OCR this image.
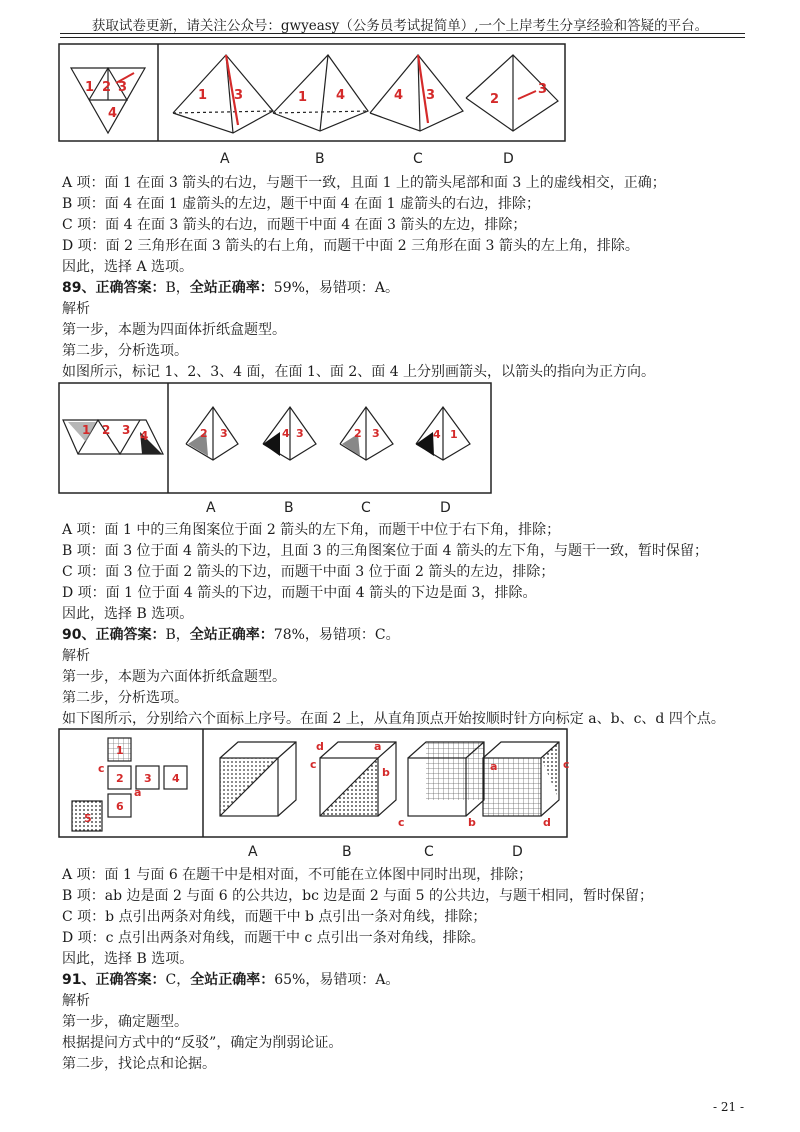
获取试卷更新，请关注公众号：gwyeasy（公务员考试捉简单）,一个上岸考生分享经验和答疑的平台。
1 2 3
4
1 3	1 4	4 3	2
3
A	B	C	D
A 项：面 1 在面 3 箭头的右边，与题干一致，且面 1 上的箭头尾部和面 3 上的虚线相交，正确；
B 项：面 4 在面 1 虚箭头的左边，题干中面 4 在面 1 虚箭头的右边，排除；
C 项：面 4 在面 3 箭头的右边，而题干中面 4 在面 3 箭头的左边，排除；
D 项：面 2 三角形在面 3 箭头的右上角，而题干中面 2 三角形在面 3 箭头的左上角，排除。
因此，选择 A 选项。
89、正确答案：B，全站正确率：59%，易错项：A。
解析
第一步，本题为四面体折纸盒题型。
第二步，分析选项。
如图所示，标记 1、2、3、4 面，在面 1、面 2、面 4 上分别画箭头，以箭头的指向为正方向。
1 2 3 4	2 3	4 3	2 3	4 1
A	B	C	D
A 项：面 1 中的三角图案位于面 2 箭头的左下角，而题干中位于右下角，排除；
B 项：面 3 位于面 4 箭头的下边，且面 3 的三角图案位于面 4 箭头的左下角，与题干一致，暂时保留；
C 项：面 3 位于面 2 箭头的下边，而题干中面 3 位于面 2 箭头的左边，排除；
D 项：面 1 位于面 4 箭头的下边，而题干中面 4 箭头的下边是面 3，排除。
因此，选择 B 选项。
90、正确答案：B，全站正确率：78%，易错项：C。
解析
第一步，本题为六面体折纸盒题型。
第二步，分析选项。
如下图所示，分别给六个面标上序号。在面 2 上，从直角顶点开始按顺时针方向标定 a、b、c、d 四个点。
1
2 3 4
5
6
c
a
d	a
b
c	a
b
c
c
d
A	B	C	D
A 项：面 1 与面 6 在题干中是相对面，不可能在立体图中同时出现，排除；
B 项：ab 边是面 2 与面 6 的公共边，bc 边是面 2 与面 5 的公共边，与题干相同，暂时保留；
C 项：b 点引出两条对角线，而题干中 b 点引出一条对角线，排除；
D 项：c 点引出两条对角线，而题干中 c 点引出一条对角线，排除。
因此，选择 B 选项。
91、正确答案：C，全站正确率：65%，易错项：A。
解析
第一步，确定题型。
根据提问方式中的“反驳”，确定为削弱论证。
第二步，找论点和论据。
- 21 -
